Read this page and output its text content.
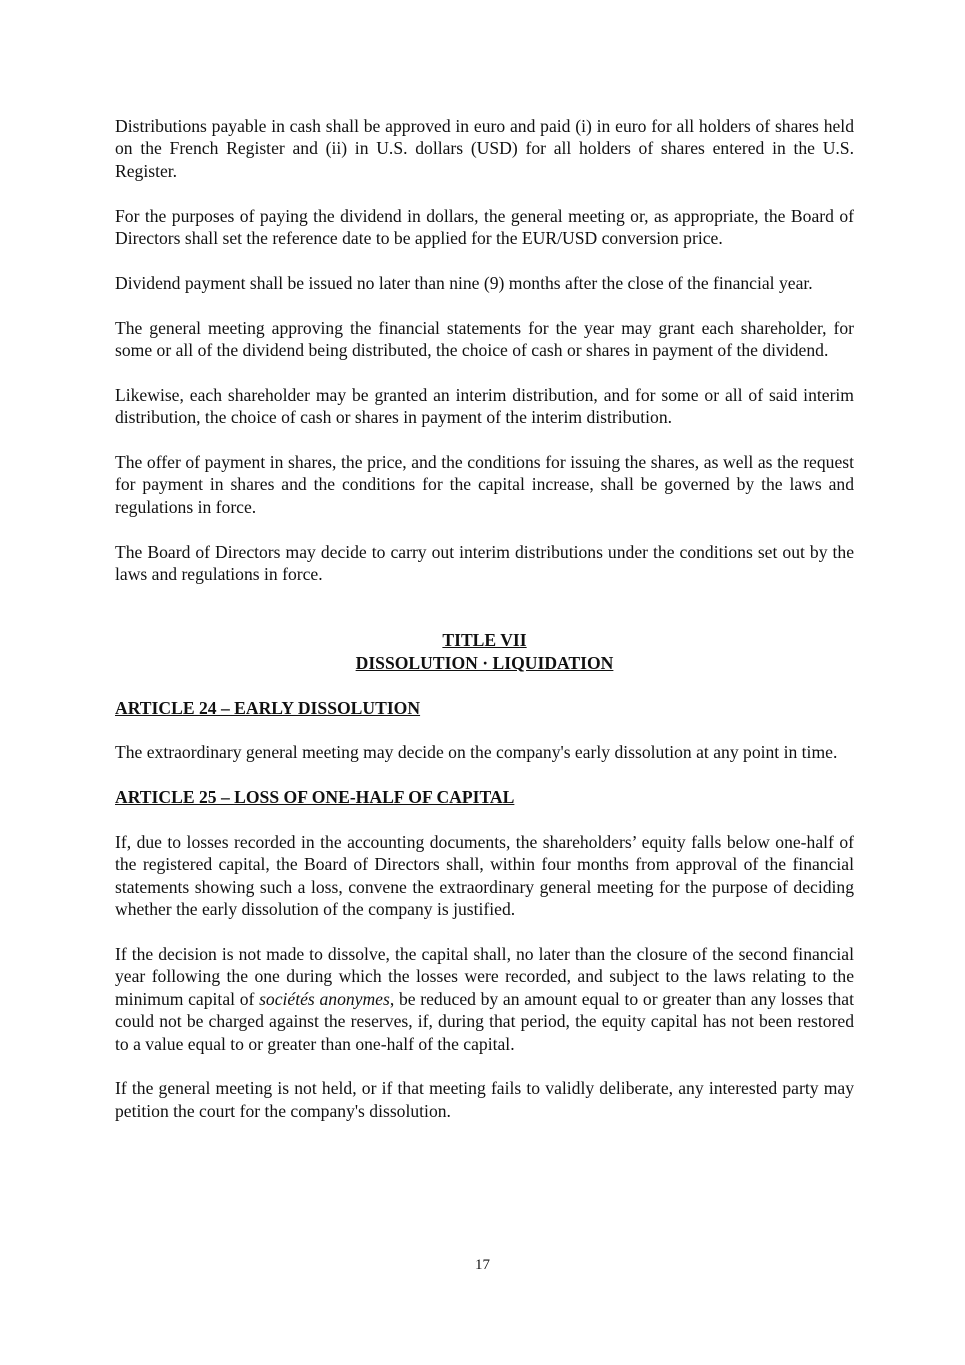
Distributions payable in cash shall be approved in euro and paid (i) in euro for all holders of shares held on the French Register and (ii) in U.S. dollars (USD) for all holders of shares entered in the U.S. Register.

For the purposes of paying the dividend in dollars, the general meeting or, as appropriate, the Board of Directors shall set the reference date to be applied for the EUR/USD conversion price.

Dividend payment shall be issued no later than nine (9) months after the close of the financial year.

The general meeting approving the financial statements for the year may grant each shareholder, for some or all of the dividend being distributed, the choice of cash or shares in payment of the dividend.

Likewise, each shareholder may be granted an interim distribution, and for some or all of said interim distribution, the choice of cash or shares in payment of the interim distribution.

The offer of payment in shares, the price, and the conditions for issuing the shares, as well as the request for payment in shares and the conditions for the capital increase, shall be governed by the laws and regulations in force.

The Board of Directors may decide to carry out interim distributions under the conditions set out by the laws and regulations in force.

TITLE VII
DISSOLUTION · LIQUIDATION
ARTICLE 24 – EARLY DISSOLUTION

The extraordinary general meeting may decide on the company's early dissolution at any point in time.

ARTICLE 25 – LOSS OF ONE-HALF OF CAPITAL

If, due to losses recorded in the accounting documents, the shareholders’ equity falls below one-half of the registered capital, the Board of Directors shall, within four months from approval of the financial statements showing such a loss, convene the extraordinary general meeting for the purpose of deciding whether the early dissolution of the company is justified.

If the decision is not made to dissolve, the capital shall, no later than the closure of the second financial year following the one during which the losses were recorded, and subject to the laws relating to the minimum capital of sociétés anonymes, be reduced by an amount equal to or greater than any losses that could not be charged against the reserves, if, during that period, the equity capital has not been restored to a value equal to or greater than one-half of the capital.

If the general meeting is not held, or if that meeting fails to validly deliberate, any interested party may petition the court for the company's dissolution.

17
